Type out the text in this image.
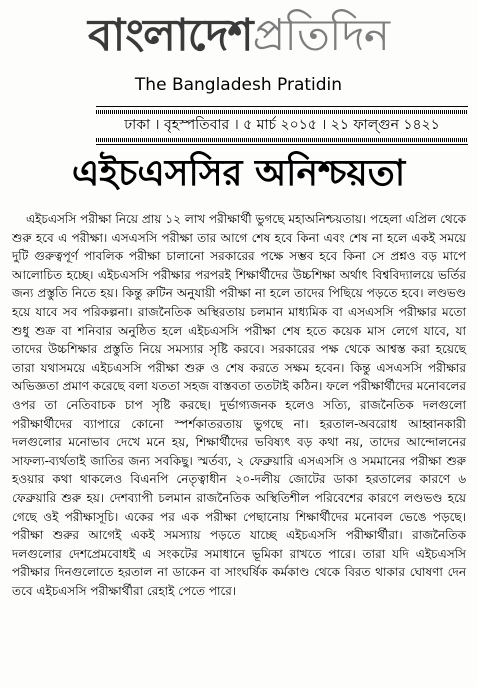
বাংলাদেশপ্রতিদিন
The Bangladesh Pratidin
ঢাকা । বৃহস্পতিবার । ৫ মার্চ ২০১৫ । ২১ ফাল্গুন ১৪২১
এইচএসসির অনিশ্চয়তা

এইচএসসি পরীক্ষা নিয়ে প্রায় ১২ লাখ পরীক্ষার্থী ভুগছে মহাঅনিশ্চয়তায়। পহেলা এপ্রিল থেকে শুরু হবে এ পরীক্ষা। এসএসসি পরীক্ষা তার আগে শেষ হবে কিনা এবং শেষ না হলে একই সময়ে দুটি গুরুত্বপূর্ণ পাবলিক পরীক্ষা চালানো সরকারের পক্ষে সম্ভব হবে কিনা সে প্রশ্নও বড় মাপে আলোচিত হচ্ছে। এইচএসসি পরীক্ষার পরপরই শিক্ষার্থীদের উচ্চশিক্ষা অর্থাৎ বিশ্ববিদ্যালয়ে ভর্তির জন্য প্রস্তুতি নিতে হয়। কিন্তু রুটিন অনুযায়ী পরীক্ষা না হলে তাদের পিছিয়ে পড়তে হবে। লণ্ডভণ্ড হয়ে যাবে সব পরিকল্পনা। রাজনৈতিক অস্থিরতায় চলমান মাধ্যমিক বা এসএসসি পরীক্ষার মতো শুধু শুক্র বা শনিবার অনুষ্ঠিত হলে এইচএসসি পরীক্ষা শেষ হতে কয়েক মাস লেগে যাবে, যা তাদের উচ্চশিক্ষার প্রস্তুতি নিয়ে সমস্যার সৃষ্টি করবে। সরকারের পক্ষ থেকে আশ্বস্ত করা হয়েছে তারা যথাসময়ে এইচএসসি পরীক্ষা শুরু ও শেষ করতে সক্ষম হবেন। কিন্তু এসএসসি পরীক্ষার অভিজ্ঞতা প্রমাণ করেছে বলা যততা সহজ বাস্তবতা ততটাই কঠিন। ফলে পরীক্ষার্থীদের মনোবলের ওপর তা নেতিবাচক চাপ সৃষ্টি করছে। দুর্ভাগ্যজনক হলেও সত্যি, রাজনৈতিক দলগুলো পরীক্ষার্থীদের ব্যাপারে কোনো স্পর্শকাতরতায় ভুগছে না। হরতাল-অবরোধ আহ্বানকারী দলগুলোর মনোভাব দেখে মনে হয়, শিক্ষার্থীদের ভবিষ্যৎ বড় কথা নয়, তাদের আন্দোলনের সাফল্য-ব্যর্থতাই জাতির জন্য সবকিছু। স্মর্তব্য, ২ ফেব্রুয়ারি এসএসসি ও সমমানের পরীক্ষা শুরু হওয়ার কথা থাকলেও বিএনপি নেতৃত্বাধীন ২০-দলীয় জোটের ডাকা হরতালের কারণে ৬ ফেব্রুয়ারি শুরু হয়। দেশব্যাপী চলমান রাজনৈতিক অস্থিতিশীল পরিবেশের কারণে লণ্ডভণ্ড হয়ে গেছে ওই পরীক্ষাসূচি। একের পর এক পরীক্ষা পেছানোয় শিক্ষার্থীদের মনোবল ভেঙে পড়ছে। পরীক্ষা শুরুর আগেই একই সমস্যায় পড়তে যাচ্ছে এইচএসসি পরীক্ষার্থীরা। রাজনৈতিক দলগুলোর দেশপ্রেমবোধই এ সংকটের সমাধানে ভূমিকা রাখতে পারে। তারা যদি এইচএসসি পরীক্ষার দিনগুলোতে হরতাল না ডাকেন বা সাংঘর্ষিক কর্মকাণ্ড থেকে বিরত থাকার ঘোষণা দেন তবে এইচএসসি পরীক্ষার্থীরা রেহাই পেতে পারে।
